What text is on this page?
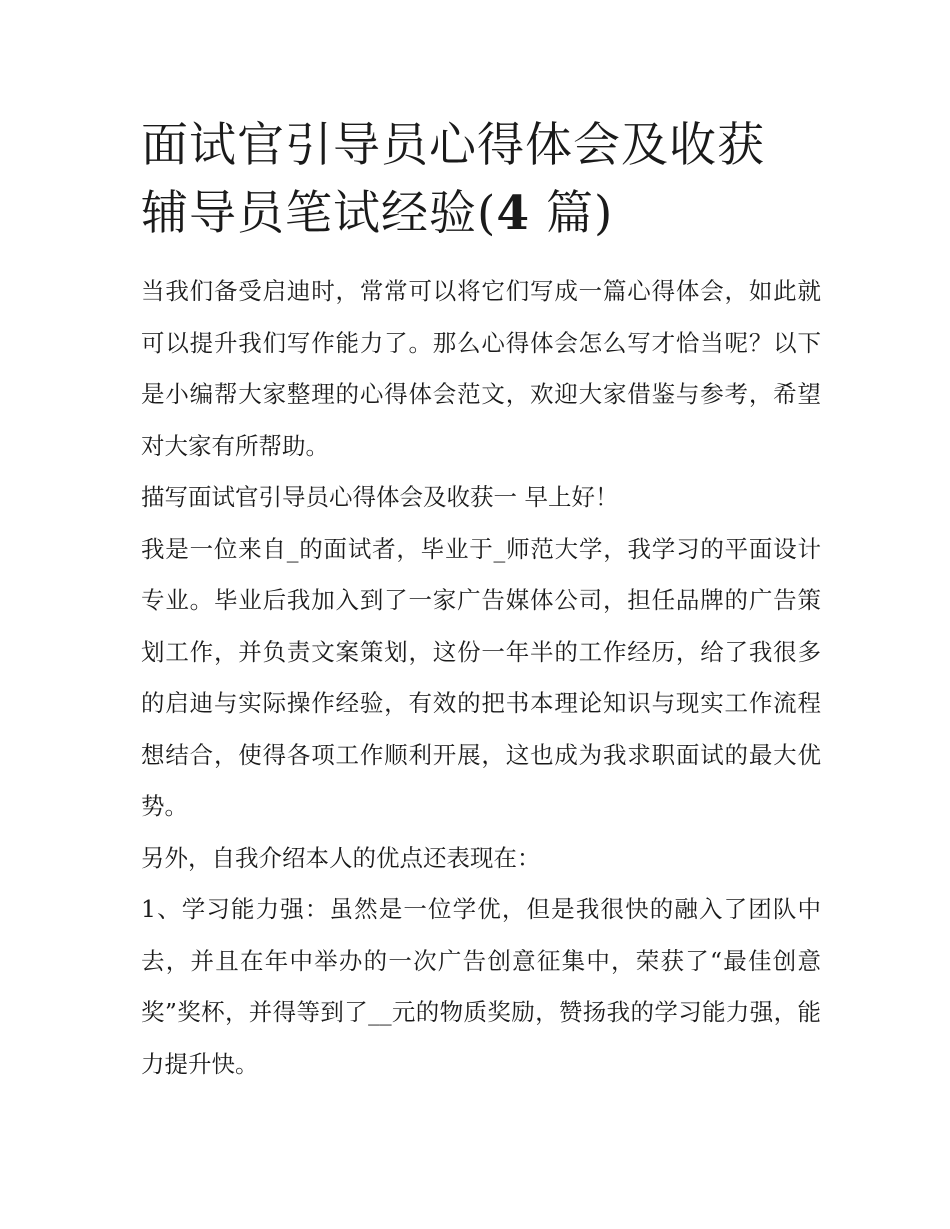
面试官引导员心得体会及收获
辅导员笔试经验(4 篇)

当我们备受启迪时，常常可以将它们写成一篇心得体会，如此就可以提升我们写作能力了。那么心得体会怎么写才恰当呢？以下是小编帮大家整理的心得体会范文，欢迎大家借鉴与参考，希望对大家有所帮助。

描写面试官引导员心得体会及收获一 早上好！

我是一位来自_的面试者，毕业于_师范大学，我学习的平面设计专业。毕业后我加入到了一家广告媒体公司，担任品牌的广告策划工作，并负责文案策划，这份一年半的工作经历，给了我很多的启迪与实际操作经验，有效的把书本理论知识与现实工作流程想结合，使得各项工作顺利开展，这也成为我求职面试的最大优势。

另外，自我介绍本人的优点还表现在：

1、学习能力强：虽然是一位学优，但是我很快的融入了团队中去，并且在年中举办的一次广告创意征集中，荣获了“最佳创意奖”奖杯，并得等到了__元的物质奖励，赞扬我的学习能力强，能力提升快。
